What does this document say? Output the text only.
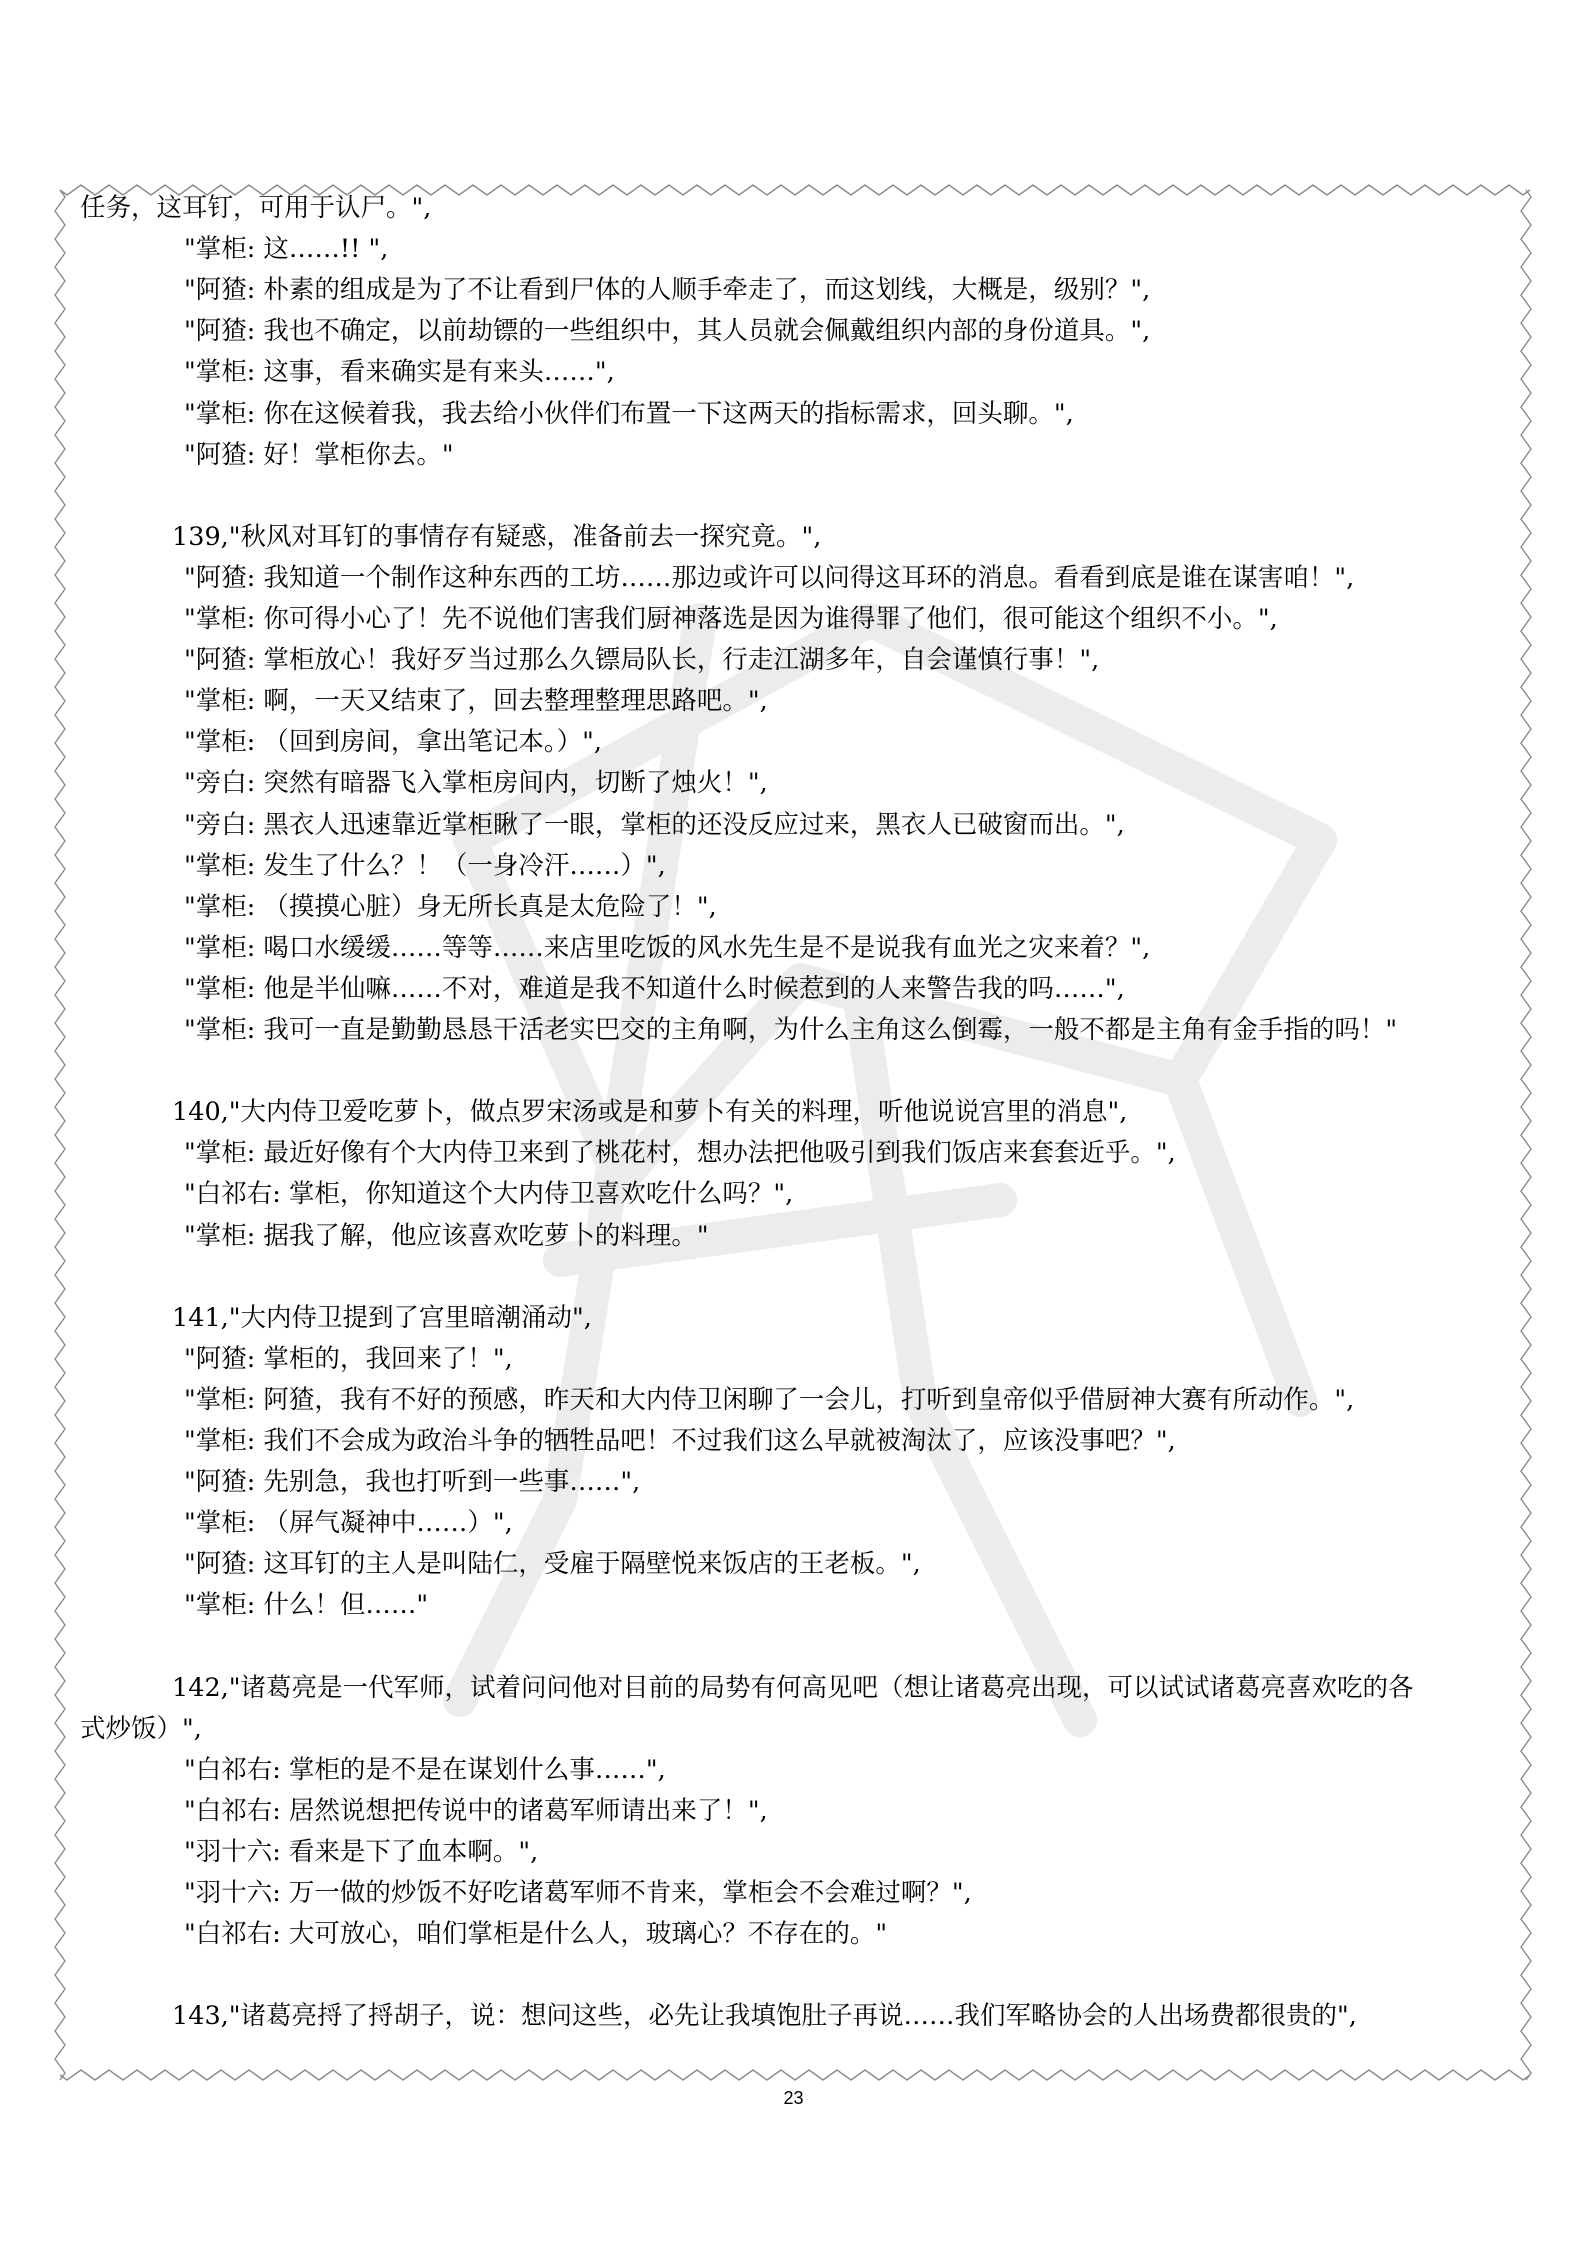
任务，这耳钉，可用于认尸。",
"掌柜: 这……!! ",
"阿猹: 朴素的组成是为了不让看到尸体的人顺手牵走了，而这划线，大概是，级别？",
"阿猹: 我也不确定，以前劫镖的一些组织中，其人员就会佩戴组织内部的身份道具。",
"掌柜: 这事，看来确实是有来头……",
"掌柜: 你在这候着我，我去给小伙伴们布置一下这两天的指标需求，回头聊。",
"阿猹: 好！掌柜你去。"
139,"秋风对耳钉的事情存有疑惑，准备前去一探究竟。",
"阿猹: 我知道一个制作这种东西的工坊……那边或许可以问得这耳环的消息。看看到底是谁在谋害咱！",
"掌柜: 你可得小心了！先不说他们害我们厨神落选是因为谁得罪了他们，很可能这个组织不小。",
"阿猹: 掌柜放心！我好歹当过那么久镖局队长，行走江湖多年，自会谨慎行事！",
"掌柜: 啊，一天又结束了，回去整理整理思路吧。",
"掌柜: （回到房间，拿出笔记本。）",
"旁白: 突然有暗器飞入掌柜房间内，切断了烛火！",
"旁白: 黑衣人迅速靠近掌柜瞅了一眼，掌柜的还没反应过来，黑衣人已破窗而出。",
"掌柜: 发生了什么？！（一身冷汗……）",
"掌柜: （摸摸心脏）身无所长真是太危险了！",
"掌柜: 喝口水缓缓……等等……来店里吃饭的风水先生是不是说我有血光之灾来着？",
"掌柜: 他是半仙嘛……不对，难道是我不知道什么时候惹到的人来警告我的吗……",
"掌柜: 我可一直是勤勤恳恳干活老实巴交的主角啊，为什么主角这么倒霉，一般不都是主角有金手指的吗！"
140,"大内侍卫爱吃萝卜，做点罗宋汤或是和萝卜有关的料理，听他说说宫里的消息",
"掌柜: 最近好像有个大内侍卫来到了桃花村，想办法把他吸引到我们饭店来套套近乎。",
"白祁右: 掌柜，你知道这个大内侍卫喜欢吃什么吗？",
"掌柜: 据我了解，他应该喜欢吃萝卜的料理。"
141,"大内侍卫提到了宫里暗潮涌动",
"阿猹: 掌柜的，我回来了！",
"掌柜: 阿猹，我有不好的预感，昨天和大内侍卫闲聊了一会儿，打听到皇帝似乎借厨神大赛有所动作。",
"掌柜: 我们不会成为政治斗争的牺牲品吧！不过我们这么早就被淘汰了，应该没事吧？",
"阿猹: 先别急，我也打听到一些事……",
"掌柜: （屏气凝神中……）",
"阿猹: 这耳钉的主人是叫陆仁，受雇于隔壁悦来饭店的王老板。",
"掌柜: 什么！但……"
142,"诸葛亮是一代军师，试着问问他对目前的局势有何高见吧（想让诸葛亮出现，可以试试诸葛亮喜欢吃的各
式炒饭）",
"白祁右: 掌柜的是不是在谋划什么事……",
"白祁右: 居然说想把传说中的诸葛军师请出来了！",
"羽十六: 看来是下了血本啊。",
"羽十六: 万一做的炒饭不好吃诸葛军师不肯来，掌柜会不会难过啊？",
"白祁右: 大可放心，咱们掌柜是什么人，玻璃心？不存在的。"
143,"诸葛亮捋了捋胡子，说：想问这些，必先让我填饱肚子再说……我们军略协会的人出场费都很贵的",
23
